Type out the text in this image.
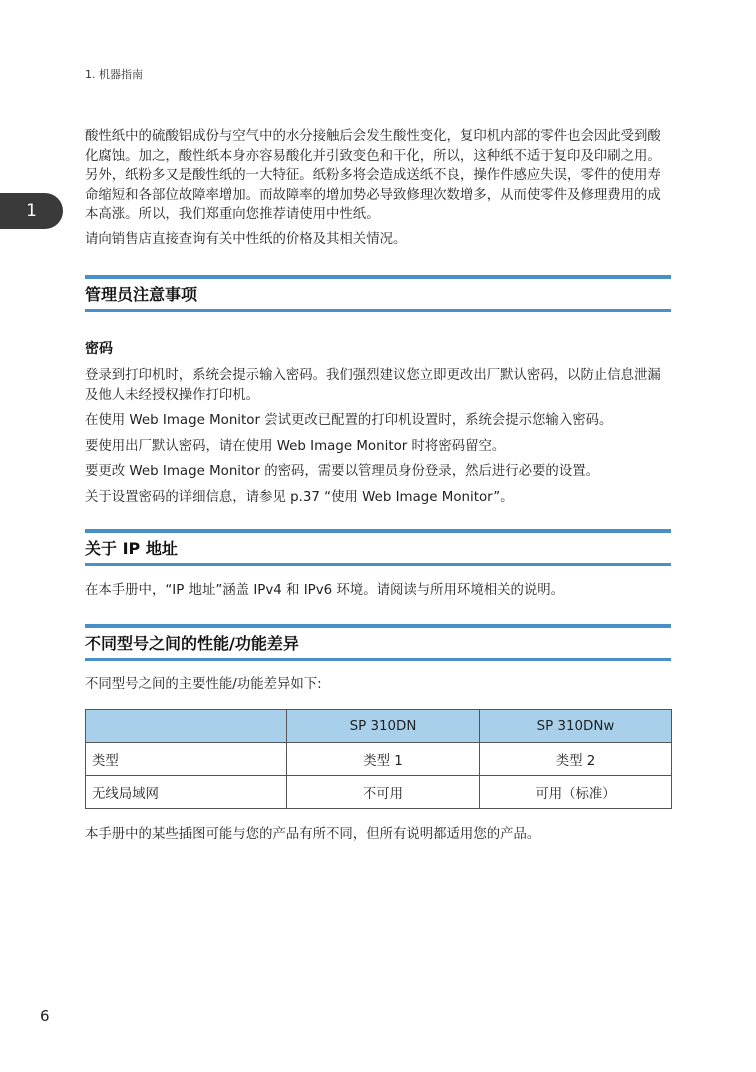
1. 机器指南
1

酸性纸中的硫酸铝成份与空气中的水分接触后会发生酸性变化，复印机内部的零件也会因此受到酸化腐蚀。加之，酸性纸本身亦容易酸化并引致变色和干化，所以，这种纸不适于复印及印刷之用。另外，纸粉多又是酸性纸的一大特征。纸粉多将会造成送纸不良，操作件感应失误，零件的使用寿命缩短和各部位故障率增加。而故障率的增加势必导致修理次数增多，从而使零件及修理费用的成本高涨。所以，我们郑重向您推荐请使用中性纸。

请向销售店直接查询有关中性纸的价格及其相关情况。

管理员注意事项
密码

登录到打印机时，系统会提示输入密码。我们强烈建议您立即更改出厂默认密码，以防止信息泄漏及他人未经授权操作打印机。

在使用 Web Image Monitor 尝试更改已配置的打印机设置时，系统会提示您输入密码。

要使用出厂默认密码，请在使用 Web Image Monitor 时将密码留空。

要更改 Web Image Monitor 的密码，需要以管理员身份登录，然后进行必要的设置。

关于设置密码的详细信息，请参见 p.37 “使用 Web Image Monitor”。

关于 IP 地址

在本手册中，“IP 地址”涵盖 IPv4 和 IPv6 环境。请阅读与所用环境相关的说明。

不同型号之间的性能/功能差异

不同型号之间的主要性能/功能差异如下:

	SP 310DN	SP 310DNw
类型	类型 1	类型 2
无线局域网	不可用	可用（标准）

本手册中的某些插图可能与您的产品有所不同，但所有说明都适用您的产品。

6
